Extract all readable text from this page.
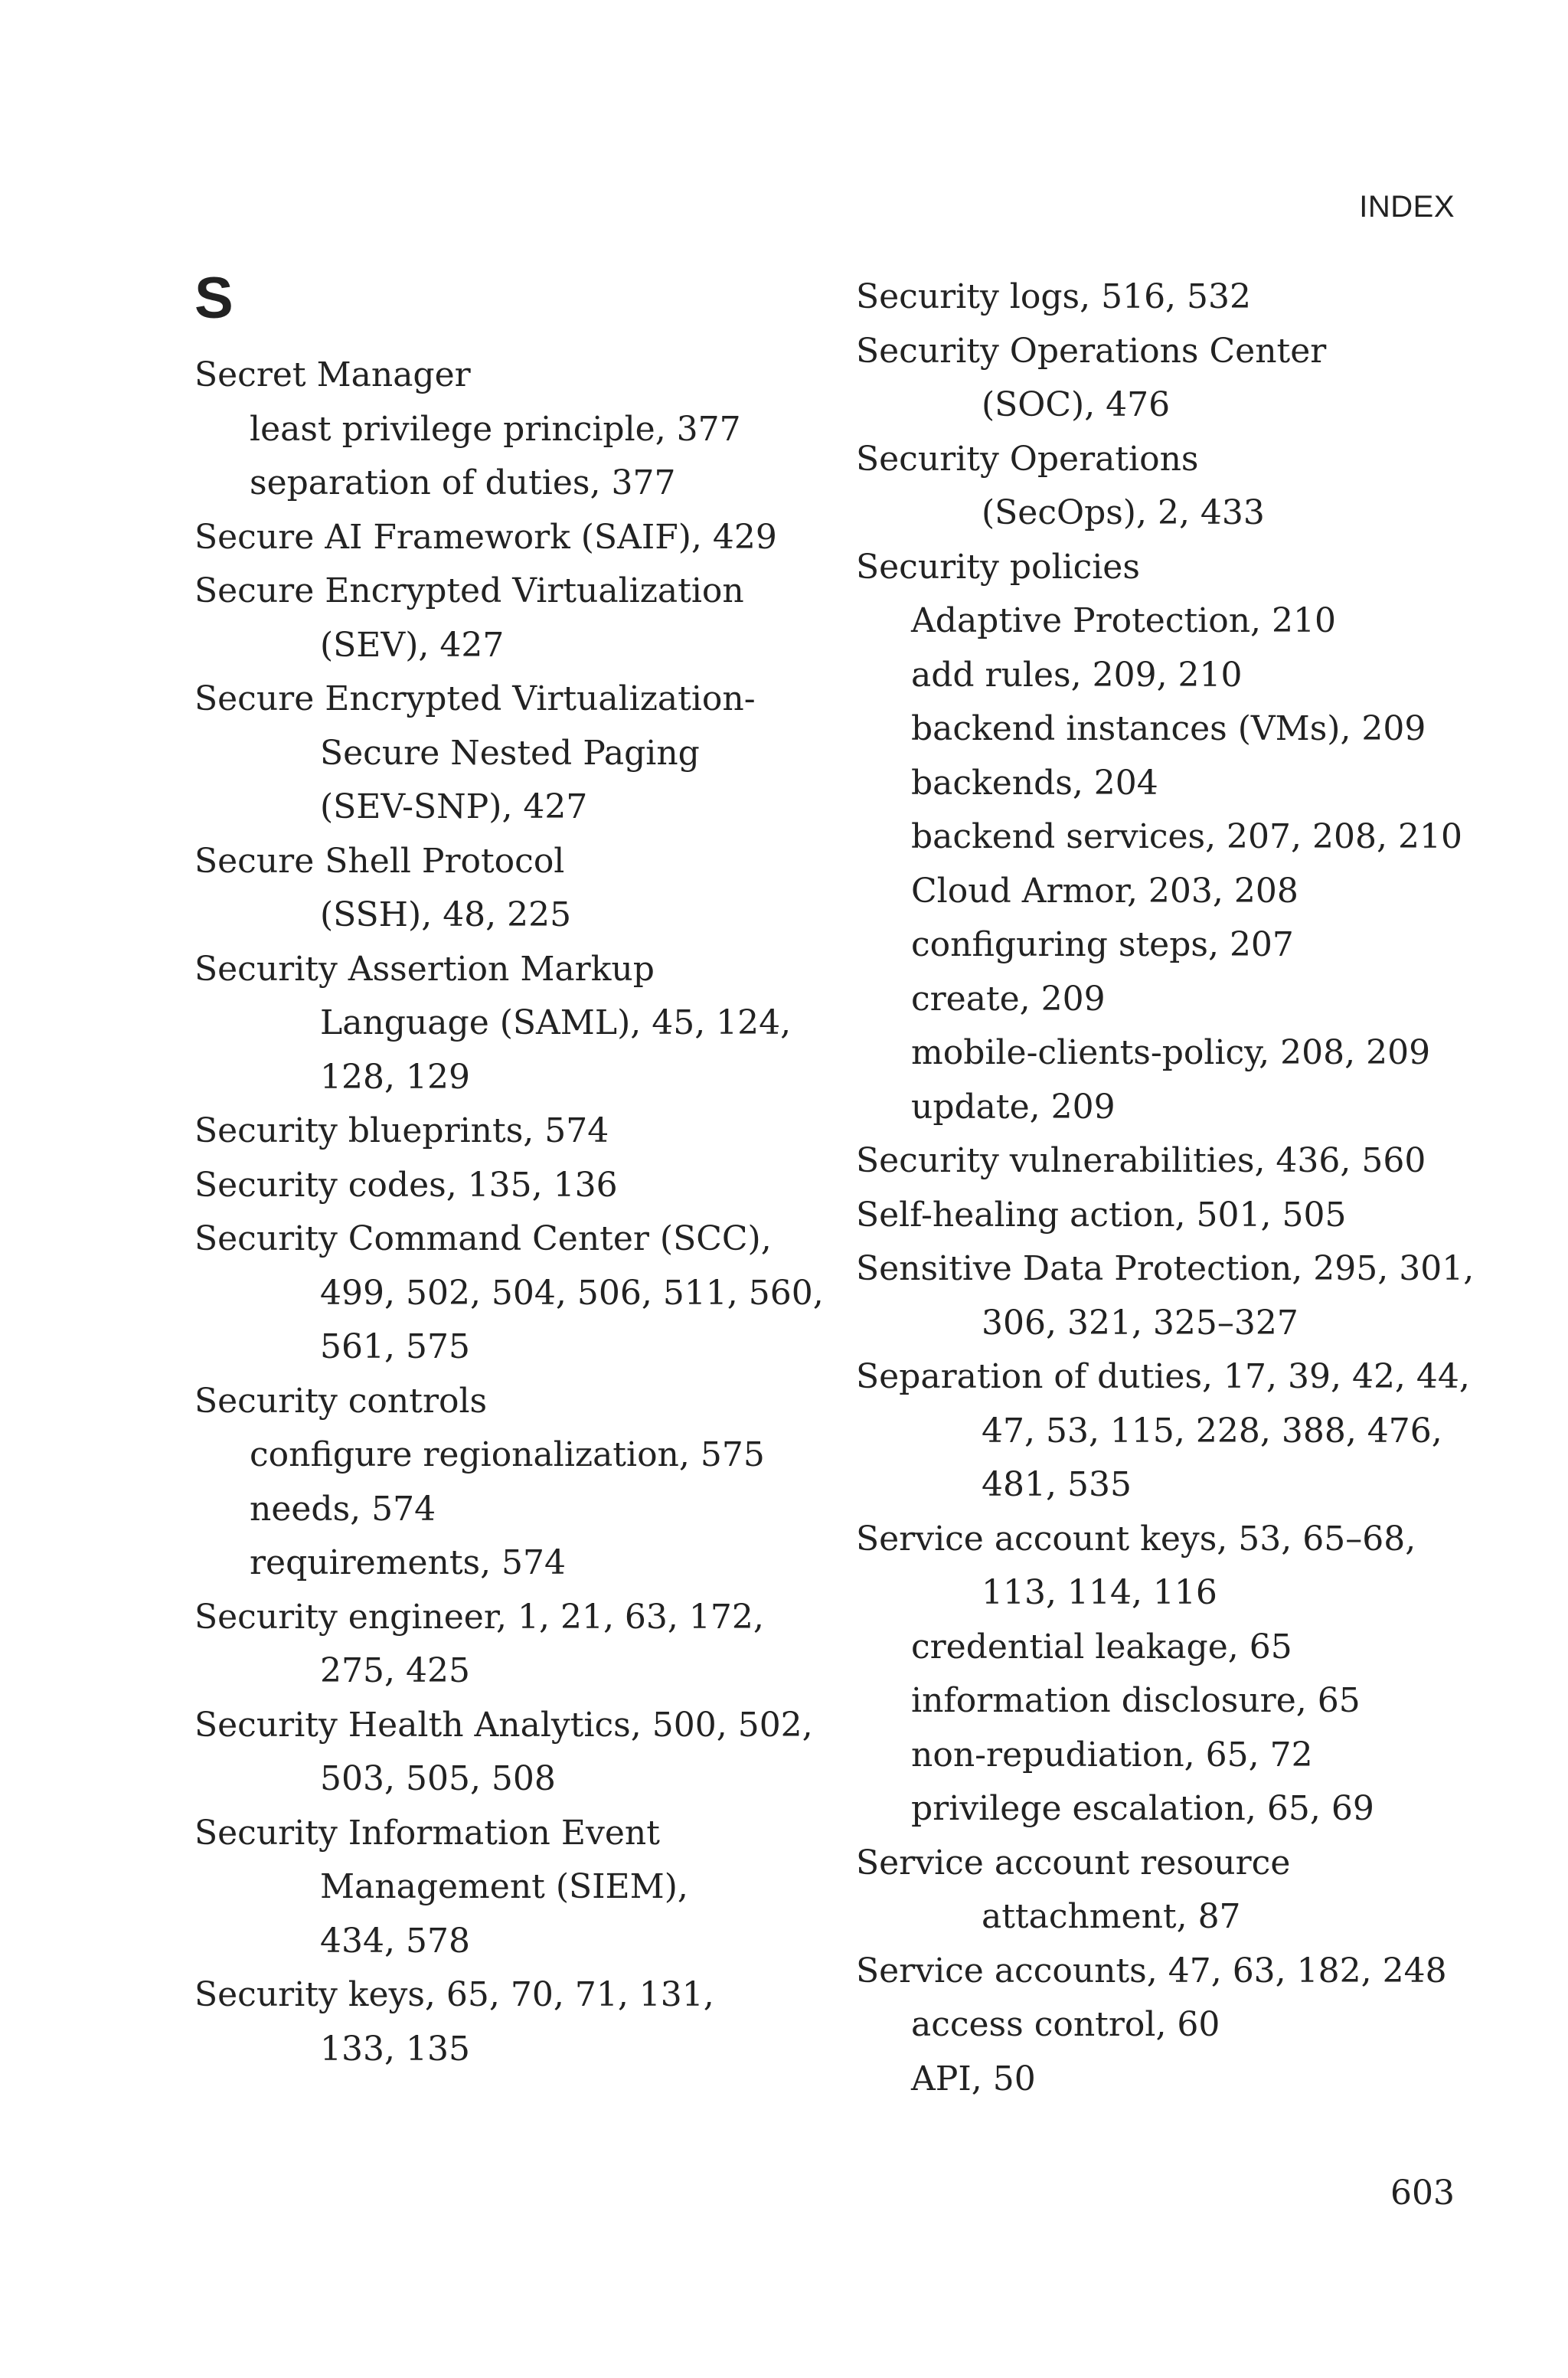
INDEX
S
Secret Manager
least privilege principle, 377
separation of duties, 377
Secure AI Framework (SAIF), 429
Secure Encrypted Virtualization
(SEV), 427
Secure Encrypted Virtualization-
Secure Nested Paging
(SEV-SNP), 427
Secure Shell Protocol
(SSH), 48, 225
Security Assertion Markup
Language (SAML), 45, 124,
128, 129
Security blueprints, 574
Security codes, 135, 136
Security Command Center (SCC),
499, 502, 504, 506, 511, 560,
561, 575
Security controls
configure regionalization, 575
needs, 574
requirements, 574
Security engineer, 1, 21, 63, 172,
275, 425
Security Health Analytics, 500, 502,
503, 505, 508
Security Information Event
Management (SIEM),
434, 578
Security keys, 65, 70, 71, 131,
133, 135
Security logs, 516, 532
Security Operations Center
(SOC), 476
Security Operations
(SecOps), 2, 433
Security policies
Adaptive Protection, 210
add rules, 209, 210
backend instances (VMs), 209
backends, 204
backend services, 207, 208, 210
Cloud Armor, 203, 208
configuring steps, 207
create, 209
mobile-clients-policy, 208, 209
update, 209
Security vulnerabilities, 436, 560
Self-healing action, 501, 505
Sensitive Data Protection, 295, 301,
306, 321, 325–327
Separation of duties, 17, 39, 42, 44,
47, 53, 115, 228, 388, 476,
481, 535
Service account keys, 53, 65–68,
113, 114, 116
credential leakage, 65
information disclosure, 65
non-repudiation, 65, 72
privilege escalation, 65, 69
Service account resource
attachment, 87
Service accounts, 47, 63, 182, 248
access control, 60
API, 50
603
